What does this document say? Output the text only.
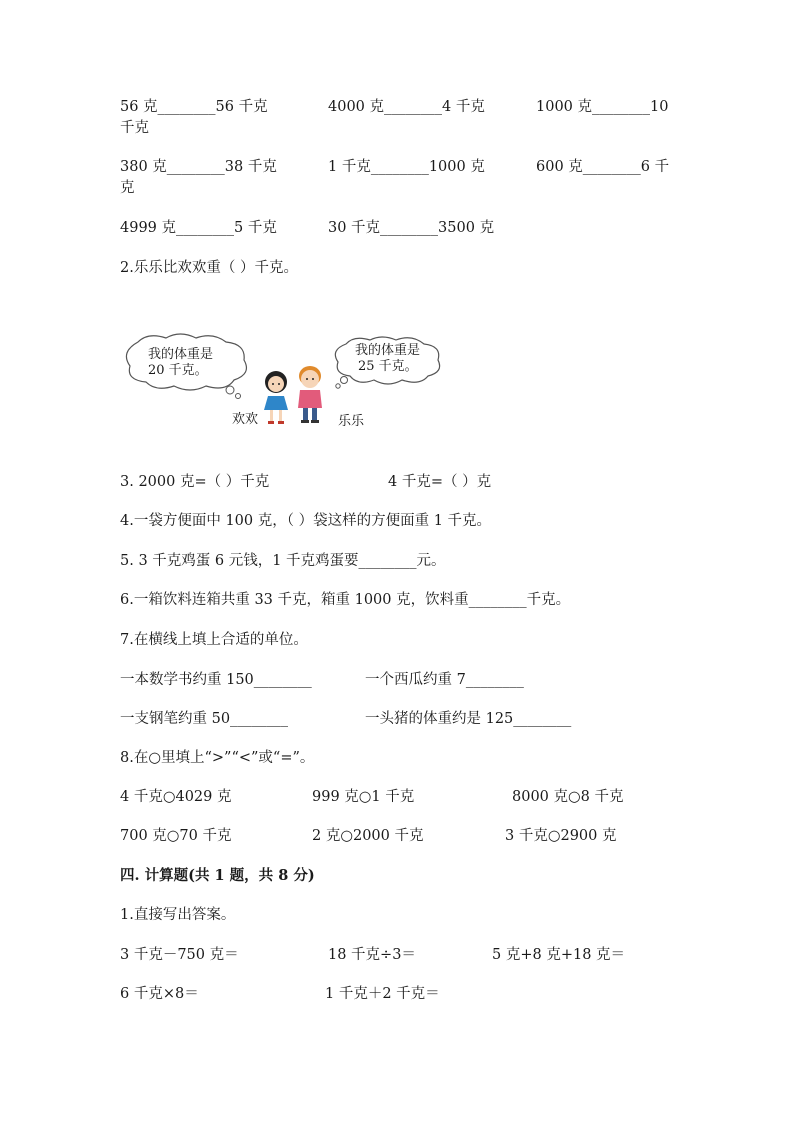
56 克________56 千克	4000 克________4 千克	1000 克________10
千克
380 克________38 千克	1 千克________1000 克	600 克________6 千
克
4999 克________5 千克	30 千克________3500 克
2.乐乐比欢欢重（ ）千克。
我的体重是
20 千克。
我的体重是
25 千克。
欢欢	乐乐
3. 2000 克=（ ）千克	4 千克=（ ）克
4.一袋方便面中 100 克，（ ）袋这样的方便面重 1 千克。
5. 3 千克鸡蛋 6 元钱，1 千克鸡蛋要________元。
6.一箱饮料连箱共重 33 千克，箱重 1000 克，饮料重________千克。
7.在横线上填上合适的单位。
一本数学书约重 150________	一个西瓜约重 7________
一支钢笔约重 50________	一头猪的体重约是 125________
8.在○里填上“>”“<”或“=”。
4 千克○4029 克	999 克○1 千克	8000 克○8 千克
700 克○70 千克	2 克○2000 千克	3 千克○2900 克
四. 计算题(共 1 题，共 8 分)
1.直接写出答案。
3 千克－750 克＝	18 千克÷3＝	5 克+8 克+18 克＝
6 千克×8＝	1 千克＋2 千克＝
